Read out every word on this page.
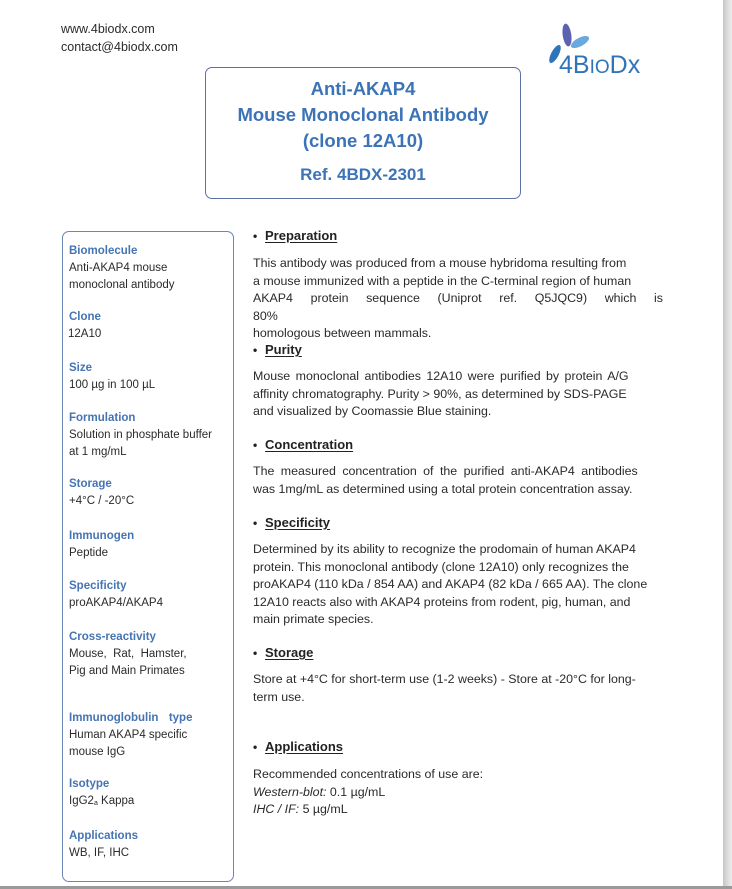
www.4biodx.com
contact@4biodx.com
4BIODx
Anti-AKAP4
Mouse Monoclonal Antibody
(clone 12A10)
Ref. 4BDX-2301
Biomolecule
Anti-AKAP4 mouse
monoclonal antibody
Clone
12A10
Size
100 µg in 100 µL
Formulation
Solution in phosphate buffer
at 1 mg/mL
Storage
+4°C / -20°C
Immunogen
Peptide
Specificity
proAKAP4/AKAP4
Cross-reactivity
Mouse,  Rat,  Hamster,
Pig and Main Primates
Immunoglobulin  type
Human AKAP4 specific
mouse IgG
Isotype
$IgG2_a$ Kappa
Applications
WB, IF, IHC
• Preparation
This antibody was produced from a mouse hybridoma resulting from
a mouse immunized with a peptide in the C-terminal region of human
AKAP4 protein sequence (Uniprot ref. Q5JQC9) which is 80%
homologous between mammals.
• Purity
Mouse monoclonal antibodies 12A10 were purified by protein A/G
affinity chromatography. Purity > 90%, as determined by SDS-PAGE
and visualized by Coomassie Blue staining.
• Concentration
The measured concentration of the purified anti-AKAP4 antibodies
was 1mg/mL as determined using a total protein concentration assay.
• Specificity
Determined by its ability to recognize the prodomain of human AKAP4
protein. This monoclonal antibody (clone 12A10) only recognizes the
proAKAP4 (110 kDa / 854 AA) and AKAP4 (82 kDa / 665 AA). The clone
12A10 reacts also with AKAP4 proteins from rodent, pig, human, and
main primate species.
• Storage
Store at +4°C for short-term use (1-2 weeks) - Store at -20°C for long-
term use.
• Applications
Recommended concentrations of use are:
Western-blot: 0.1 µg/mL
IHC / IF: 5 µg/mL
